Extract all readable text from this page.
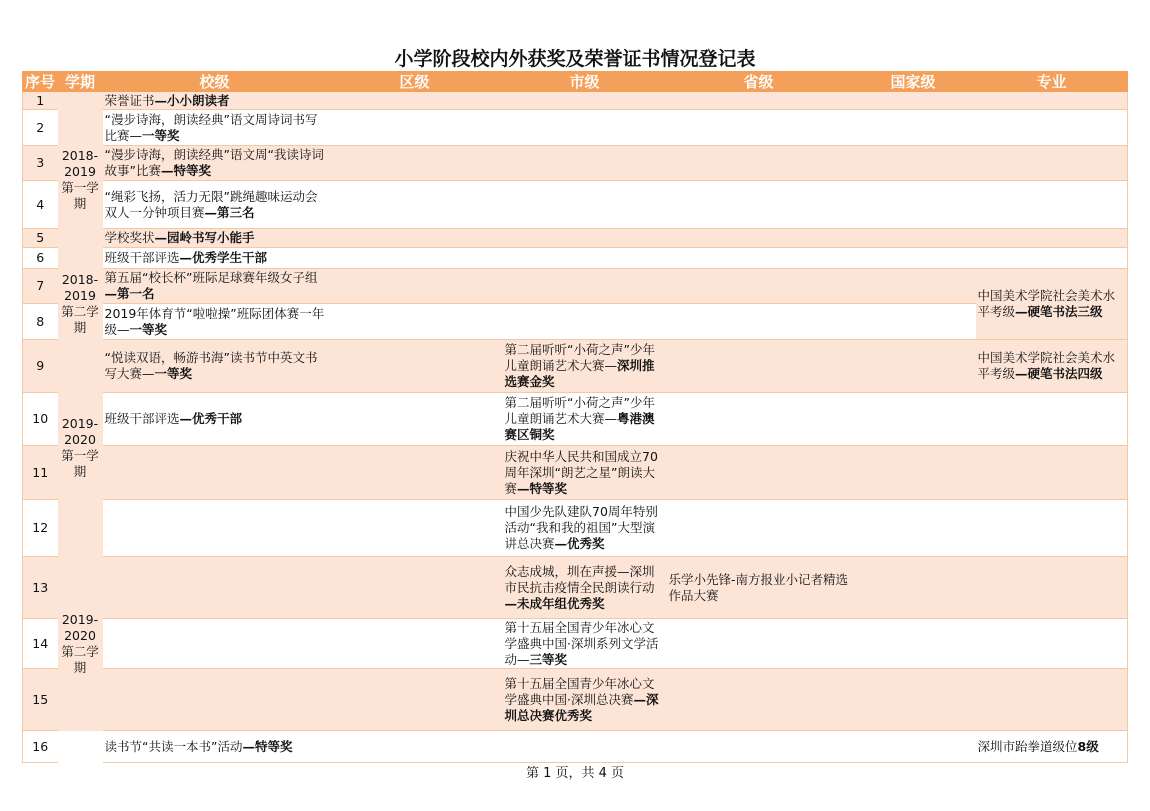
小学阶段校内外获奖及荣誉证书情况登记表
序号	学期	校级	区级	市级	省级	国家级	专业
1	2018-2019第一学期	荣誉证书—小小朗读者					
2		“漫步诗海，朗读经典”语文周诗词书写比赛—一等奖					
3		“漫步诗海，朗读经典”语文周“我读诗词故事”比赛—特等奖					
4		“绳彩飞扬，活力无限”跳绳趣味运动会双人一分钟项目赛—第三名					
5		学校奖状—园岭书写小能手					
6		班级干部评选—优秀学生干部					
7	2018-2019第二学期	第五届“校长杯”班际足球赛年级女子组—第一名					中国美术学院社会美术水平考级—硬笔书法三级
8		2019年体育节“啦啦操”班际团体赛一年级—一等奖					
9	2019-2020第一学期	“悦读双语，畅游书海”读书节中英文书写大赛—一等奖		第二届听听“小荷之声”少年儿童朗诵艺术大赛—深圳推选赛金奖			中国美术学院社会美术水平考级—硬笔书法四级
10		班级干部评选—优秀干部		第二届听听“小荷之声”少年儿童朗诵艺术大赛—粤港澳赛区铜奖			
11				庆祝中华人民共和国成立70周年深圳“朗艺之星”朗读大赛—特等奖			
12				中国少先队建队70周年特别活动“我和我的祖国”大型演讲总决赛—优秀奖			
13	2019-2020第二学期			众志成城，圳在声援—深圳市民抗击疫情全民朗读行动—未成年组优秀奖	乐学小先锋-南方报业小记者精选作品大赛		
14				第十五届全国青少年冰心文学盛典中国·深圳系列文学活动—三等奖			
15				第十五届全国青少年冰心文学盛典中国·深圳总决赛—深圳总决赛优秀奖			
16		读书节“共读一本书”活动—特等奖					深圳市跆拳道级位8级
第 1 页，共 4 页
